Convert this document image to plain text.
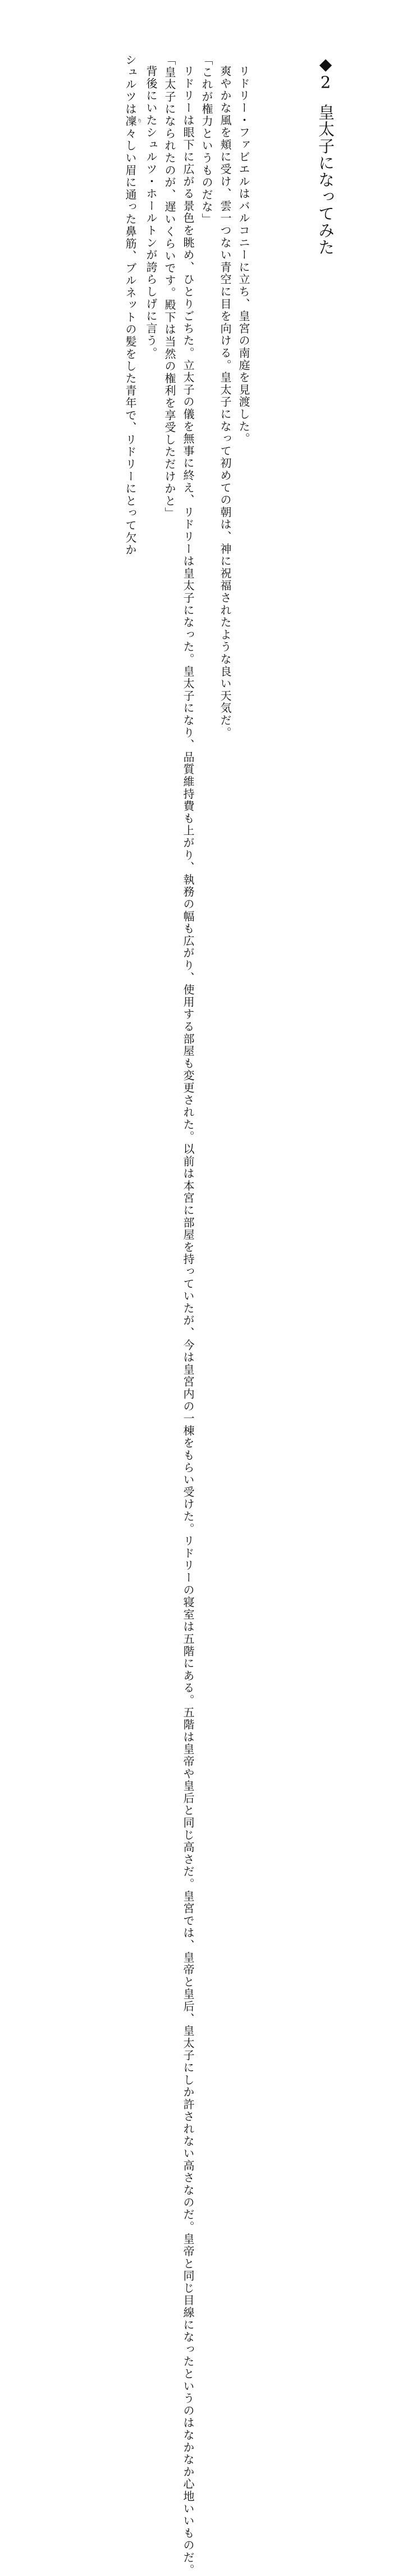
◆2皇太子になってみた

リドリー・ファビエルはバルコニーに立ち、皇宮の南庭を見渡した。

爽やかな風を頬に受け、雲一つない青空に目を向ける。皇太子になって初めての朝は、神に祝福されたような良い天気だ。

「これが権力というものだな」

リドリーは眼下に広がる景色を眺め、ひとりごちた。立太子の儀を無事に終え、リドリーは皇太子になった。皇太子になり、品質維持費も上がり、執務の幅も広がり、使用する部屋も変更された。以前は本宮に部屋を持っていたが、今は皇宮内の一棟をもらい受けた。リドリーの寝室は五階にある。五階は皇帝や皇后と同じ高さだ。皇宮では、皇帝と皇后、皇太子にしか許されない高さなのだ。皇帝と同じ目線になったというのはなかなか心地いいものだ。

「皇太子になられたのが、遅いくらいです。殿下は当然の権利を享受しただけかと」

背後にいたシュルツ・ホールトンが誇らしげに言う。

シュルツは凜り々しい眉に通った鼻筋、ブルネットの髪をした青年で、リドリーにとって欠か
